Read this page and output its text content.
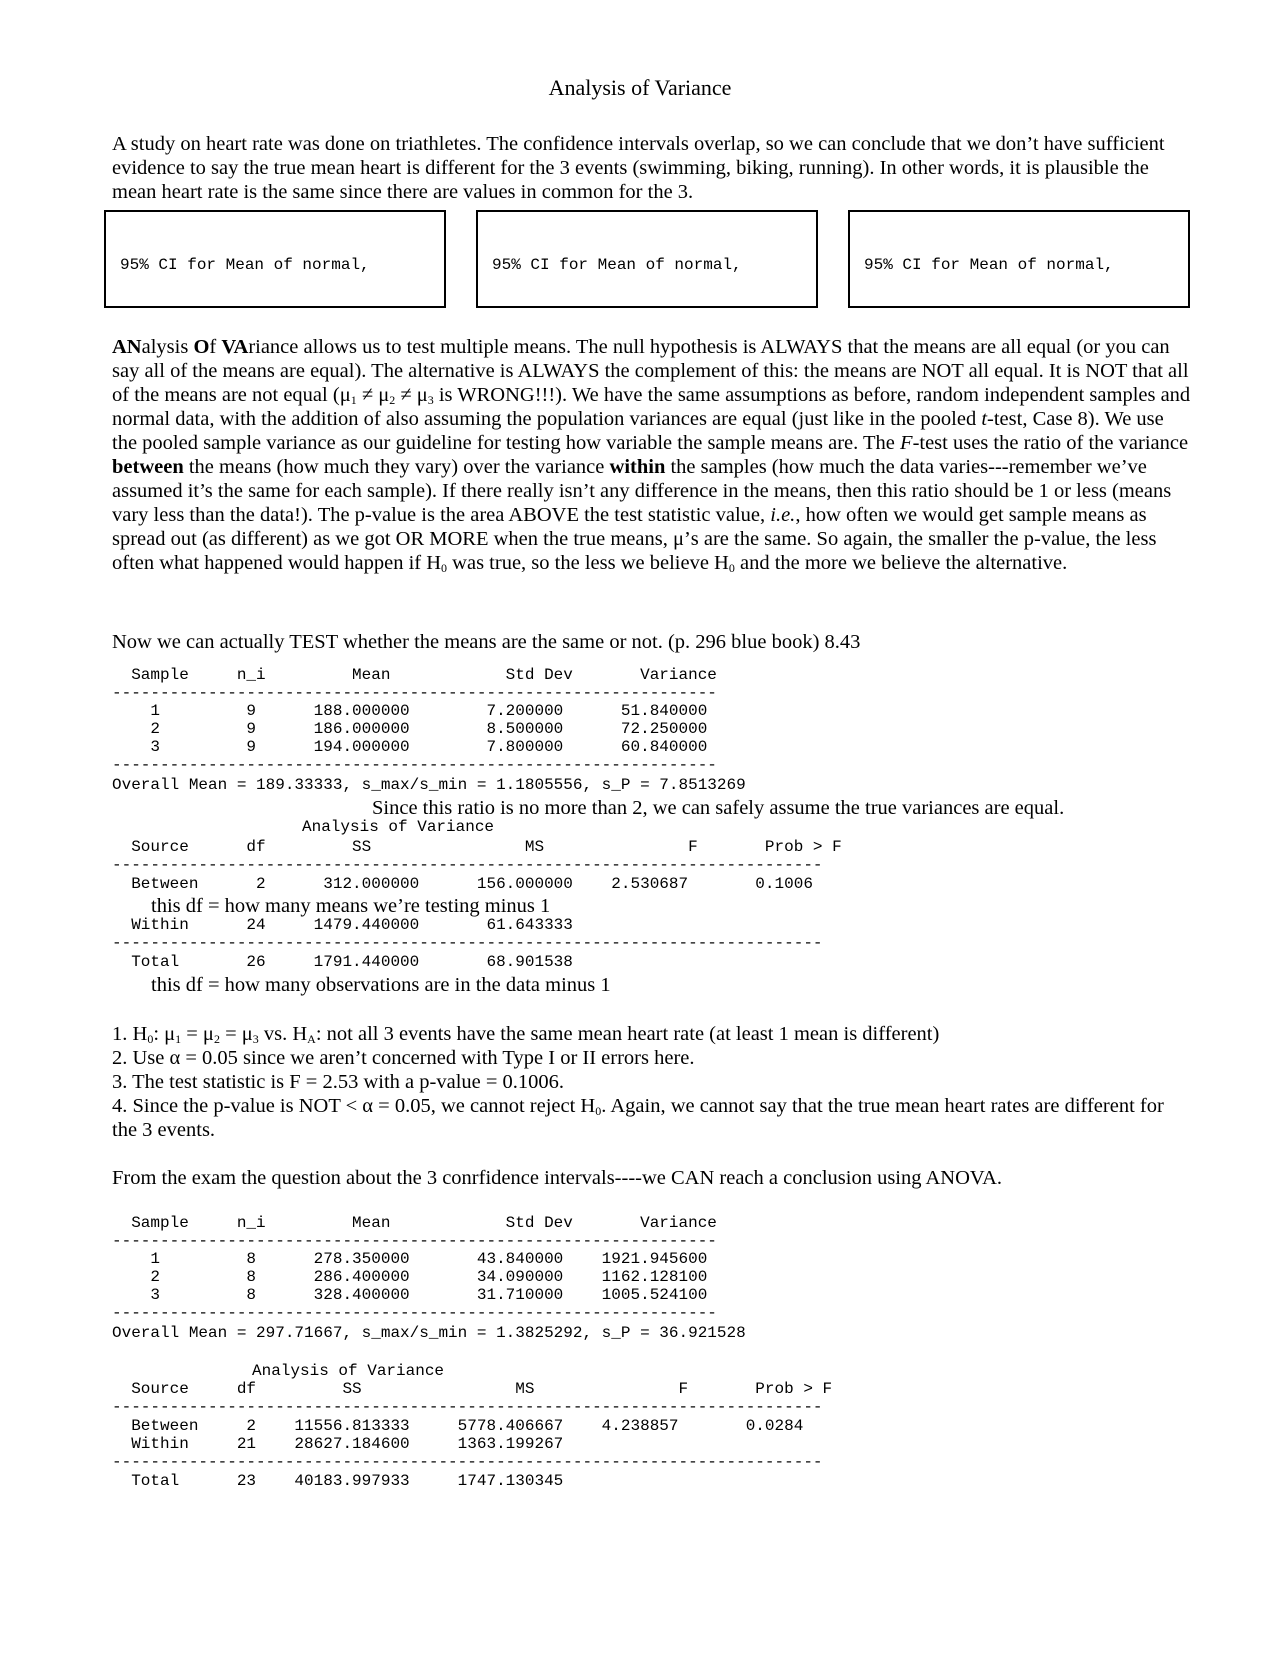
Analysis of Variance
A study on heart rate was done on triathletes. The confidence intervals overlap, so we can conclude that we don’t have sufficient evidence to say the true mean heart is different for the 3 events (swimming, biking, running). In other words, it is plausible the mean heart rate is the same since there are values in common for the 3.

95% CI for Mean of normal,

	95% CI for Mean of normal,

	95% CI for Mean of normal,

ANalysis Of VAriance allows us to test multiple means. The null hypothesis is ALWAYS that the means are all equal (or you can say all of the means are equal). The alternative is ALWAYS the complement of this: the means are NOT all equal. It is NOT that all of the means are not equal ($\mu_1 \ne \mu_2 \ne \mu_3$ is WRONG!!!). We have the same assumptions as before, random independent samples and normal data, with the addition of also assuming the population variances are equal (just like in the pooled t-test, Case 8). We use the pooled sample variance as our guideline for testing how variable the sample means are. The F-test uses the ratio of the variance between the means (how much they vary) over the variance within the samples (how much the data varies---remember we’ve assumed it’s the same for each sample). If there really isn’t any difference in the means, then this ratio should be 1 or less (means vary less than the data!). The p-value is the area ABOVE the test statistic value, i.e., how often we would get sample means as spread out (as different) as we got OR MORE when the true means, μ’s are the same. So again, the smaller the p-value, the less often what happened would happen if $H_0$ was true, so the less we believe $H_0$ and the more we believe the alternative.
Now we can actually TEST whether the means are the same or not. (p. 296 blue book) 8.43
Sample     n_i         Mean            Std Dev       Variance
---------------------------------------------------------------
1         9      188.000000        7.200000      51.840000
2         9      186.000000        8.500000      72.250000
3         9      194.000000        7.800000      60.840000
---------------------------------------------------------------
Overall Mean = 189.33333, s_max/s_min = 1.1805556, s_P = 7.8513269
Since this ratio is no more than 2, we can safely assume the true variances are equal.
Analysis of Variance
Source      df         SS                MS               F       Prob > F
--------------------------------------------------------------------------
Between      2      312.000000      156.000000    2.530687       0.1006
this df = how many means we’re testing minus 1
Within      24     1479.440000       61.643333
--------------------------------------------------------------------------
Total       26     1791.440000       68.901538
this df = how many observations are in the data minus 1
1. $H_0$: $\mu_1 = \mu_2 = \mu_3$ vs. $H_A$: not all 3 events have the same mean heart rate (at least 1 mean is different)
2. Use α = 0.05 since we aren’t concerned with Type I or II errors here.
3. The test statistic is F = 2.53 with a p-value = 0.1006.
4. Since the p-value is NOT < α = 0.05, we cannot reject $H_0$. Again, we cannot say that the true mean heart rates are different for the 3 events.
From the exam the question about the 3 conrfidence intervals----we CAN reach a conclusion using ANOVA.
Sample     n_i         Mean            Std Dev       Variance
---------------------------------------------------------------
1         8      278.350000       43.840000    1921.945600
2         8      286.400000       34.090000    1162.128100
3         8      328.400000       31.710000    1005.524100
---------------------------------------------------------------
Overall Mean = 297.71667, s_max/s_min = 1.3825292, s_P = 36.921528
Analysis of Variance
Source     df         SS                MS               F       Prob > F
--------------------------------------------------------------------------
Between     2    11556.813333     5778.406667    4.238857       0.0284
Within     21    28627.184600     1363.199267
--------------------------------------------------------------------------
Total      23    40183.997933     1747.130345
